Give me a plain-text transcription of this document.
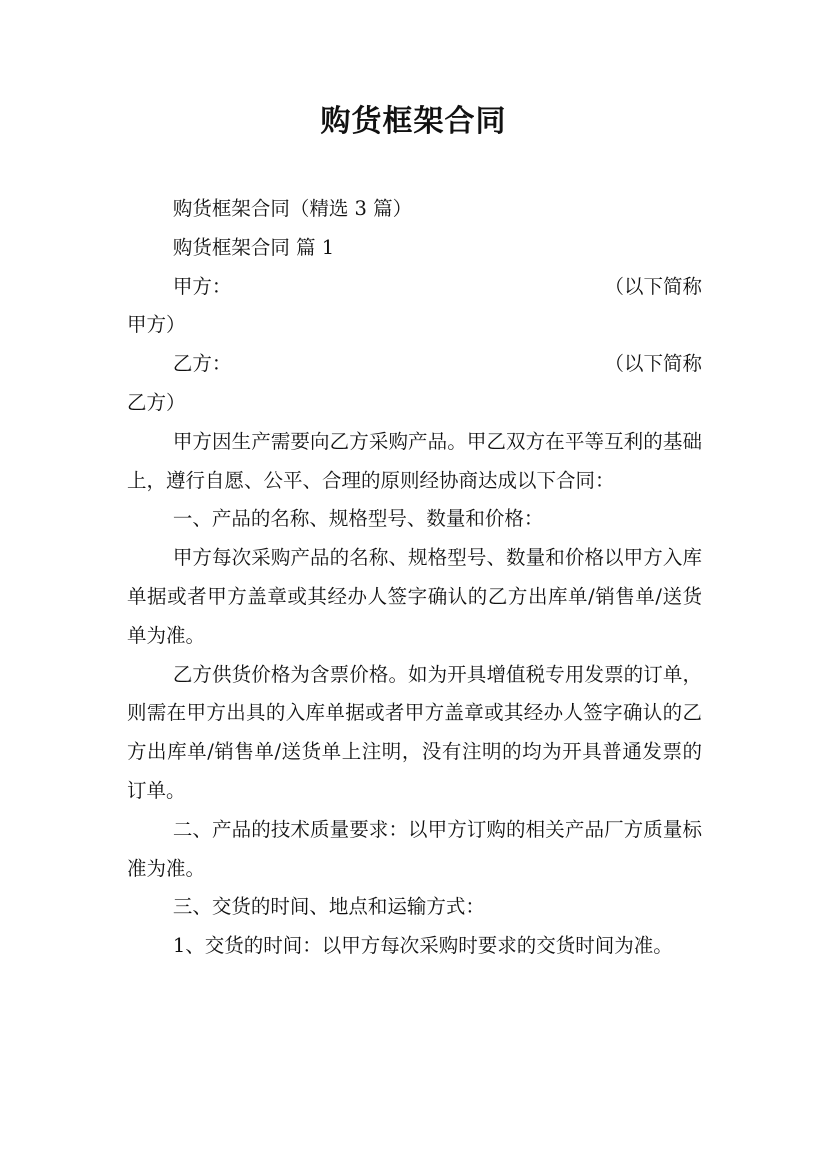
购货框架合同

购货框架合同（精选 3 篇）

购货框架合同 篇 1

甲方：	（以下简称

甲方）

乙方：	（以下简称

乙方）

甲方因生产需要向乙方采购产品。甲乙双方在平等互利的基础上，遵行自愿、公平、合理的原则经协商达成以下合同：

一、产品的名称、规格型号、数量和价格：

甲方每次采购产品的名称、规格型号、数量和价格以甲方入库单据或者甲方盖章或其经办人签字确认的乙方出库单/销售单/送货单为准。

乙方供货价格为含票价格。如为开具增值税专用发票的订单，则需在甲方出具的入库单据或者甲方盖章或其经办人签字确认的乙方出库单/销售单/送货单上注明，没有注明的均为开具普通发票的订单。

二、产品的技术质量要求：以甲方订购的相关产品厂方质量标准为准。

三、交货的时间、地点和运输方式：

1、交货的时间：以甲方每次采购时要求的交货时间为准。
